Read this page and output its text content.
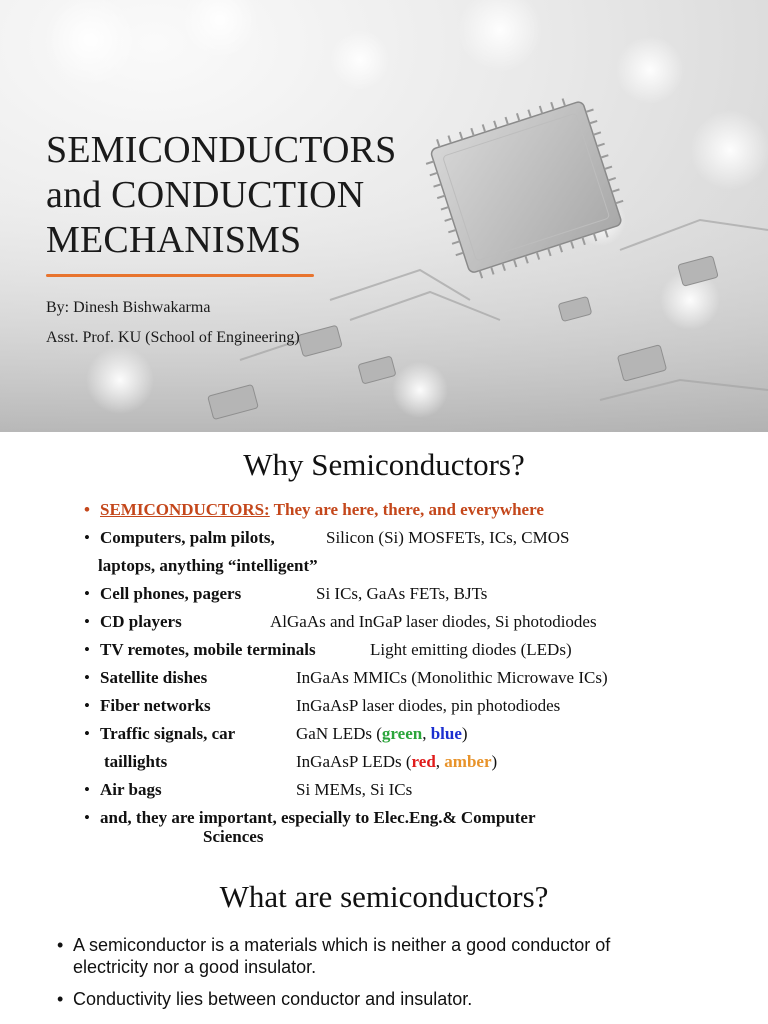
SEMICONDUCTORS
and CONDUCTION
MECHANISMS
By: Dinesh Bishwakarma
Asst. Prof. KU (School of Engineering)
Why Semiconductors?
• SEMICONDUCTORS: They are here, there, and everywhere
• Computers, palm pilots,	Silicon (Si) MOSFETs, ICs, CMOS
laptops, anything “intelligent”
• Cell phones, pagers	Si ICs, GaAs FETs, BJTs
• CD players	AlGaAs and InGaP laser diodes, Si photodiodes
• TV remotes, mobile terminals	Light emitting diodes (LEDs)
• Satellite dishes	InGaAs MMICs (Monolithic Microwave ICs)
• Fiber networks	InGaAsP laser diodes, pin photodiodes
• Traffic signals, car	GaN LEDs (green, blue)
taillights	InGaAsP LEDs (red, amber)
• Air bags	Si MEMs, Si ICs
• and, they are important, especially to Elec.Eng.& Computer
Sciences
What are semiconductors?
• A semiconductor is a materials which is neither a good conductor of
electricity nor a good insulator.
• Conductivity lies between conductor and insulator.
